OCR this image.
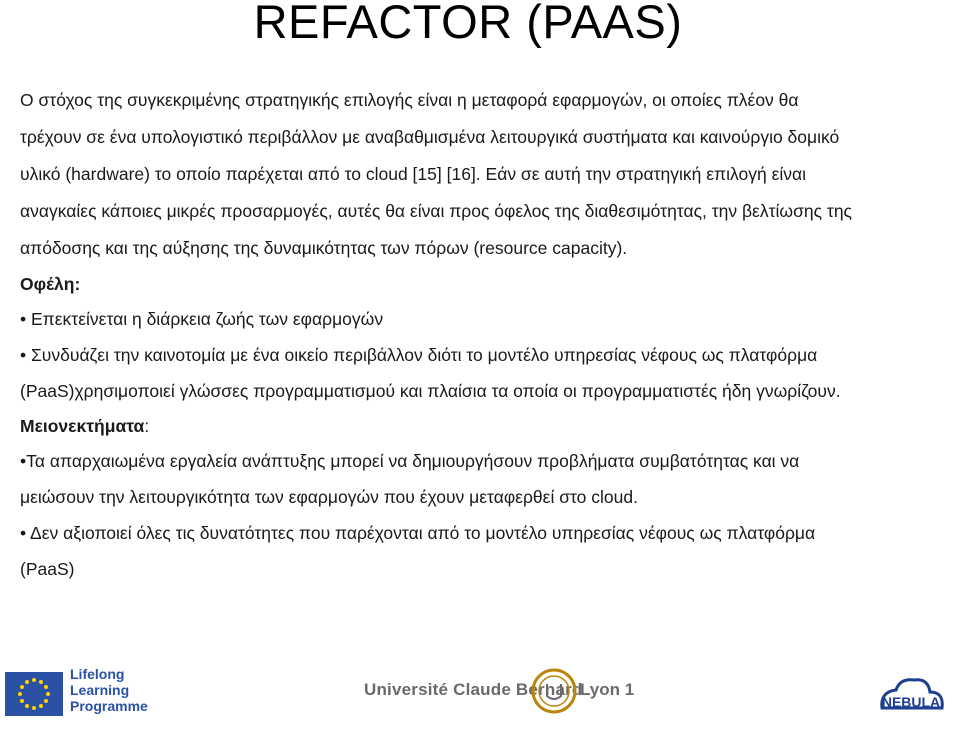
REFACTOR (PAAS)
Ο στόχος της συγκεκριμένης στρατηγικής επιλογής είναι η μεταφορά εφαρμογών, οι οποίες πλέον θα
τρέχουν σε ένα υπολογιστικό περιβάλλον με αναβαθμισμένα λειτουργικά συστήματα και καινούργιο δομικό
υλικό (hardware) το οποίο παρέχεται από το cloud [15] [16]. Εάν σε αυτή την στρατηγική επιλογή είναι
αναγκαίες κάποιες μικρές προσαρμογές, αυτές θα είναι προς όφελος της διαθεσιμότητας, την βελτίωσης της
απόδοσης και της αύξησης της δυναμικότητας των πόρων (resource capacity).
Οφέλη:
• Επεκτείνεται η διάρκεια ζωής των εφαρμογών
• Συνδυάζει την καινοτομία με ένα οικείο περιβάλλον διότι το μοντέλο υπηρεσίας νέφους ως πλατφόρμα
(PaaS)χρησιμοποιεί γλώσσες προγραμματισμού και πλαίσια τα οποία οι προγραμματιστές ήδη γνωρίζουν.
Μειονεκτήματα:
•Τα απαρχαιωμένα εργαλεία ανάπτυξης μπορεί να δημιουργήσουν προβλήματα συμβατότητας και να
μειώσουν την λειτουργικότητα των εφαρμογών που έχουν μεταφερθεί στο cloud.
• Δεν αξιοποιεί όλες τις δυνατότητες που παρέχονται από το μοντέλο υπηρεσίας νέφους ως πλατφόρμα
(PaaS)
Lifelong
Learning
Programme
Université Claude Bernard
Lyon 1
NEBULA
